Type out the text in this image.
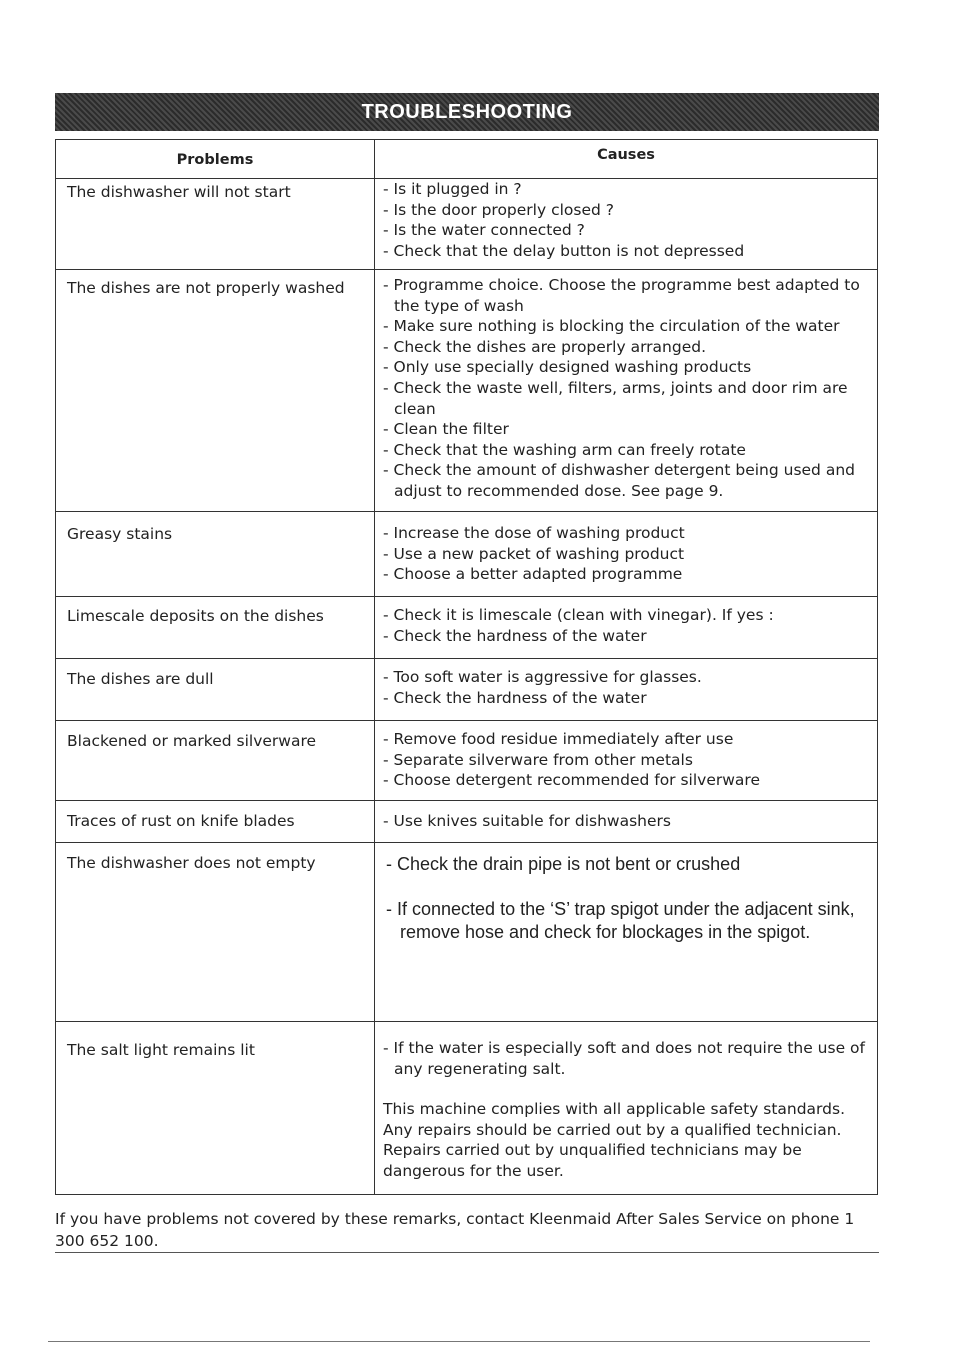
TROUBLESHOOTING
Problems	Causes
The dishwasher will not start	- Is it plugged in ?
- Is the door properly closed ?
- Is the water connected ?
- Check that the delay button is not depressed
The dishes are not properly washed	- Programme choice. Choose the programme best adapted to the type of wash
- Make sure nothing is blocking the circulation of the water
- Check the dishes are properly arranged.
- Only use specially designed washing products
- Check the waste well, filters, arms, joints and door rim are clean
- Clean the filter
- Check that the washing arm can freely rotate
- Check the amount of dishwasher detergent being used and adjust to recommended dose. See page 9.
Greasy stains	- Increase the dose of washing product
- Use a new packet of washing product
- Choose a better adapted programme
Limescale deposits on the dishes	- Check it is limescale (clean with vinegar). If yes :
- Check the hardness of the water
The dishes are dull	- Too soft water is aggressive for glasses.
- Check the hardness of the water
Blackened or marked silverware	- Remove food residue immediately after use
- Separate silverware from other metals
- Choose detergent recommended for silverware
Traces of rust on knife blades	- Use knives suitable for dishwashers
The dishwasher does not empty	- Check the drain pipe is not bent or crushed
- If connected to the ‘S’ trap spigot under the adjacent sink, remove hose and check for blockages in the spigot.
The salt light remains lit	- If the water is especially soft and does not require the use of any regenerating salt.
This machine complies with all applicable safety standards. Any repairs should be carried out by a qualified technician. Repairs carried out by unqualified technicians may be dangerous for the user.
If you have problems not covered by these remarks, contact Kleenmaid After Sales Service on phone 1 300 652 100.
